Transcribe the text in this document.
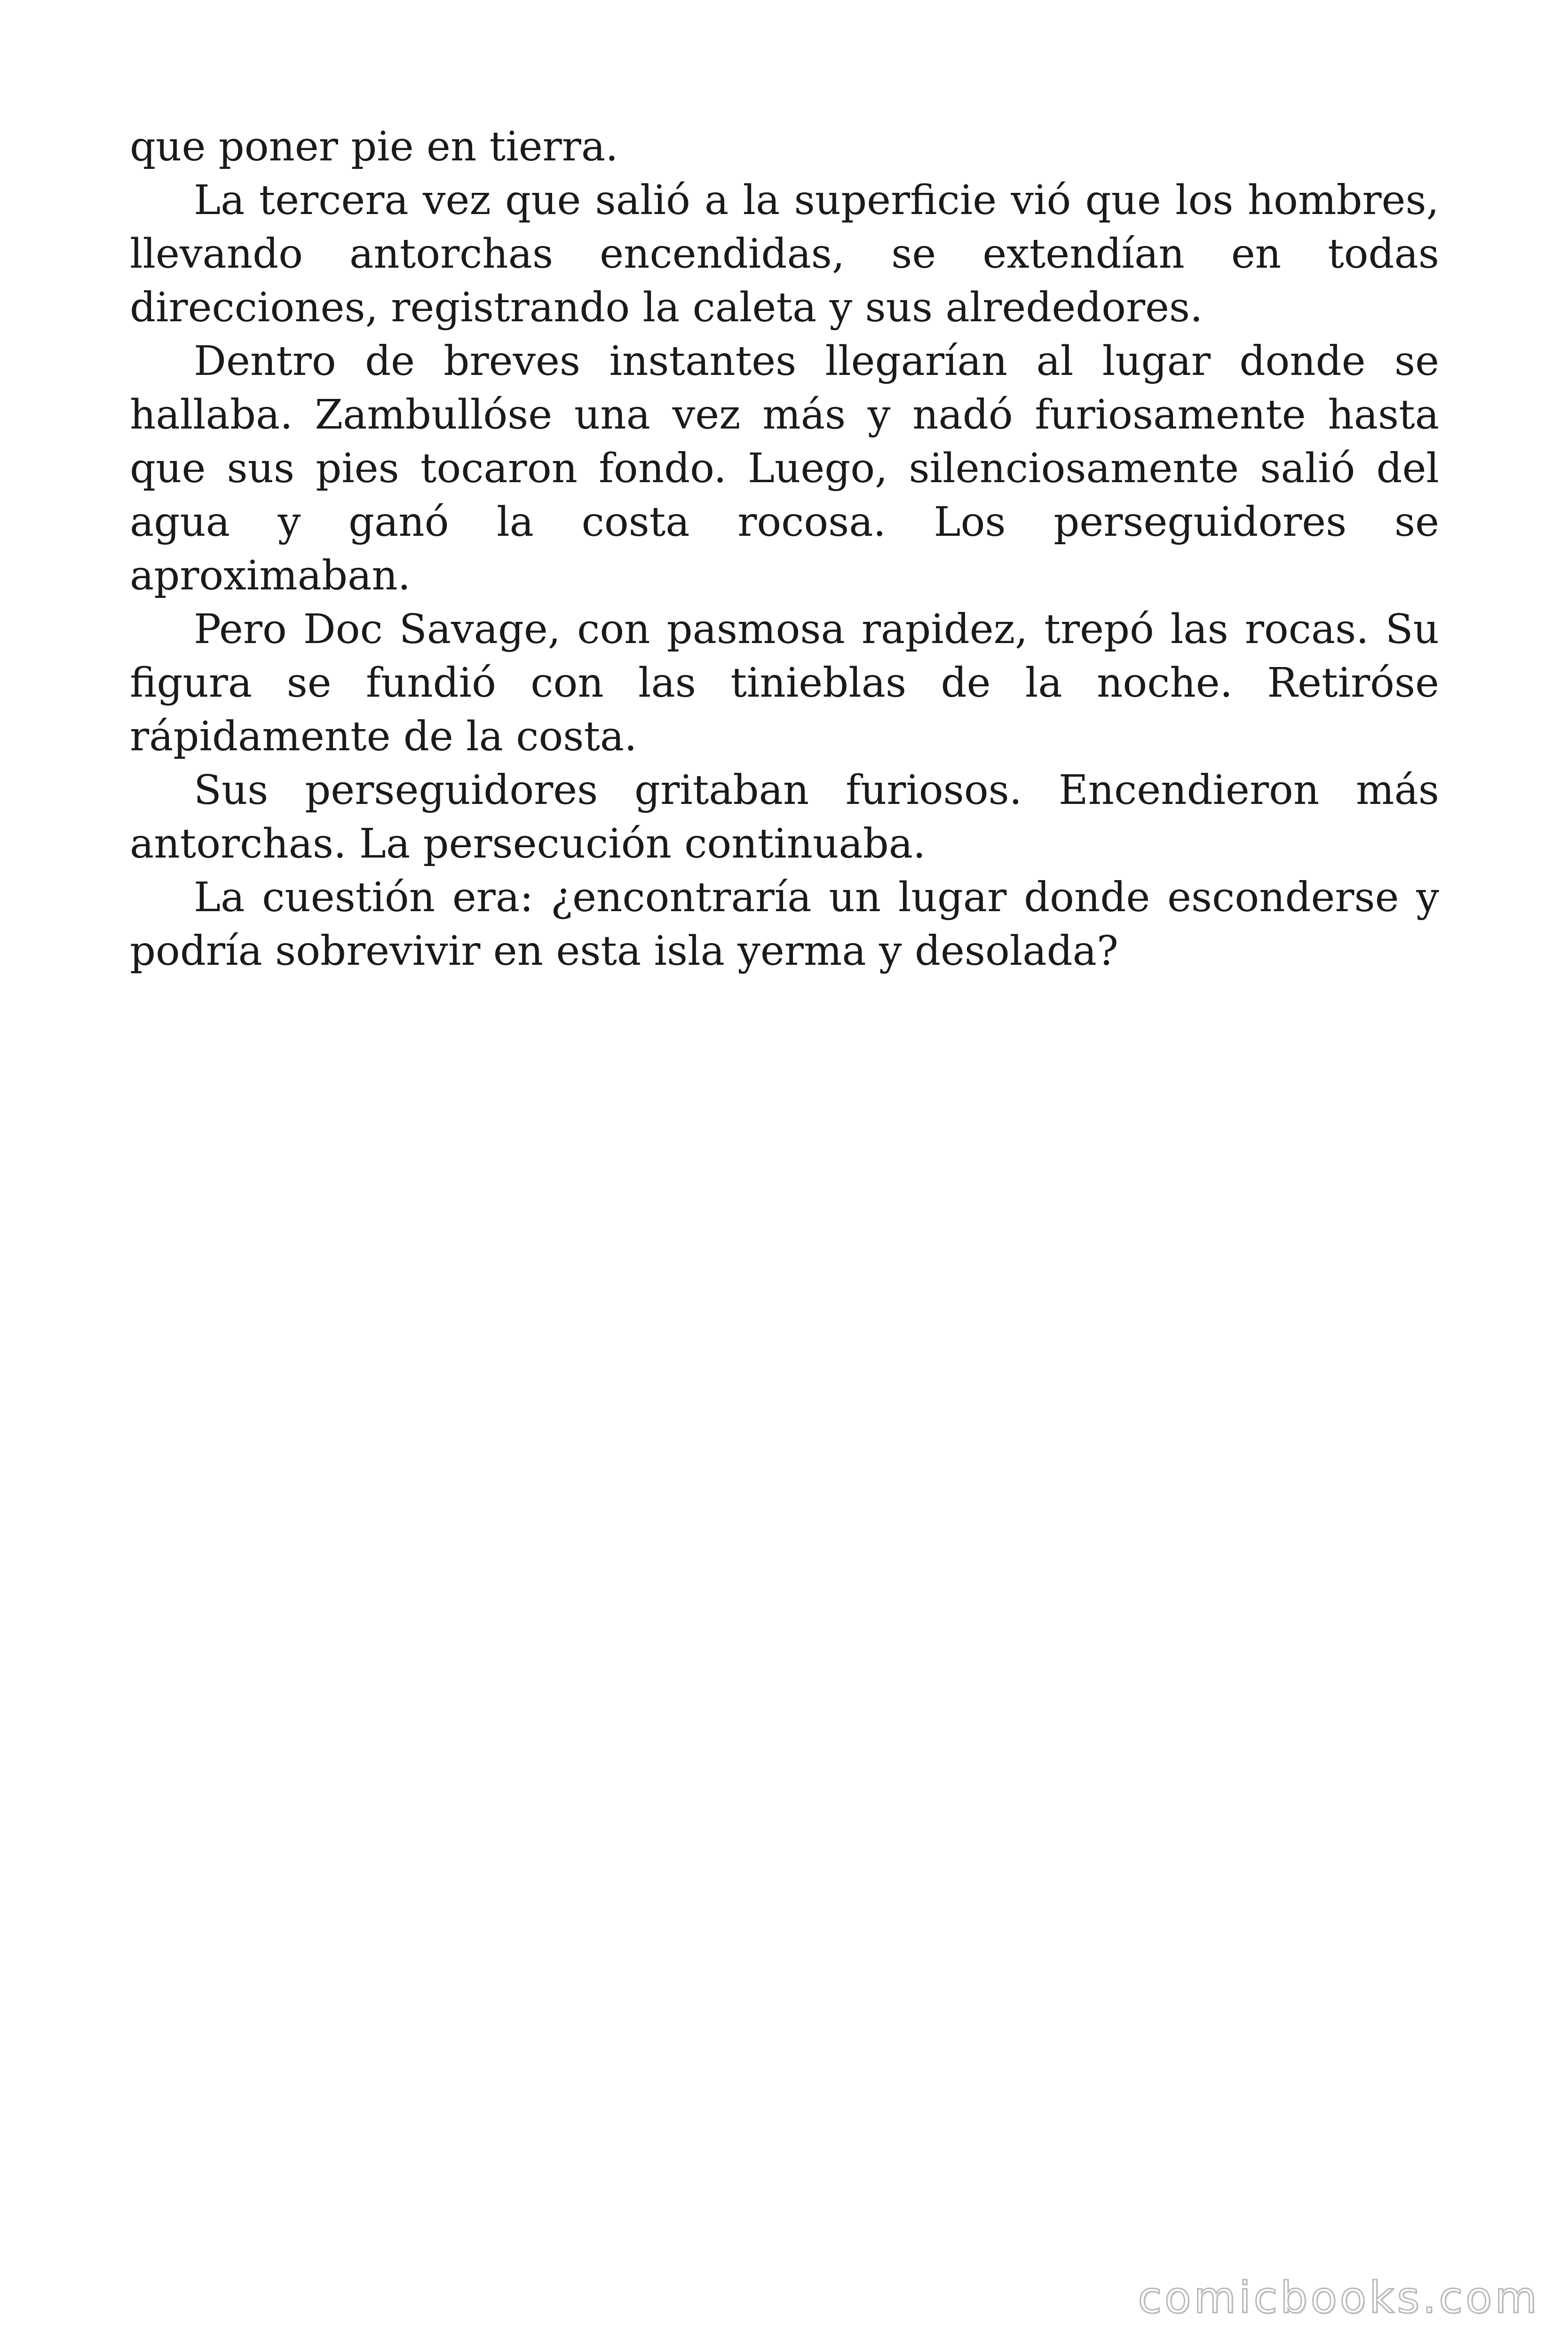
que poner pie en tierra.

La tercera vez que salió a la superficie vió que los hombres, llevando antorchas encendidas, se extendían en todas direcciones, registrando la caleta y sus alrededores.

Dentro de breves instantes llegarían al lugar donde se hallaba. Zambullóse una vez más y nadó furiosamente hasta que sus pies tocaron fondo. Luego, silenciosamente salió del agua y ganó la costa rocosa. Los perseguidores se aproximaban.

Pero Doc Savage, con pasmosa rapidez, trepó las rocas. Su figura se fundió con las tinieblas de la noche. Retiróse rápidamente de la costa.

Sus perseguidores gritaban furiosos. Encendieron más antorchas. La persecución continuaba.

La cuestión era: ¿encontraría un lugar donde esconderse y podría sobrevivir en esta isla yerma y desolada?

comicbooks.com
